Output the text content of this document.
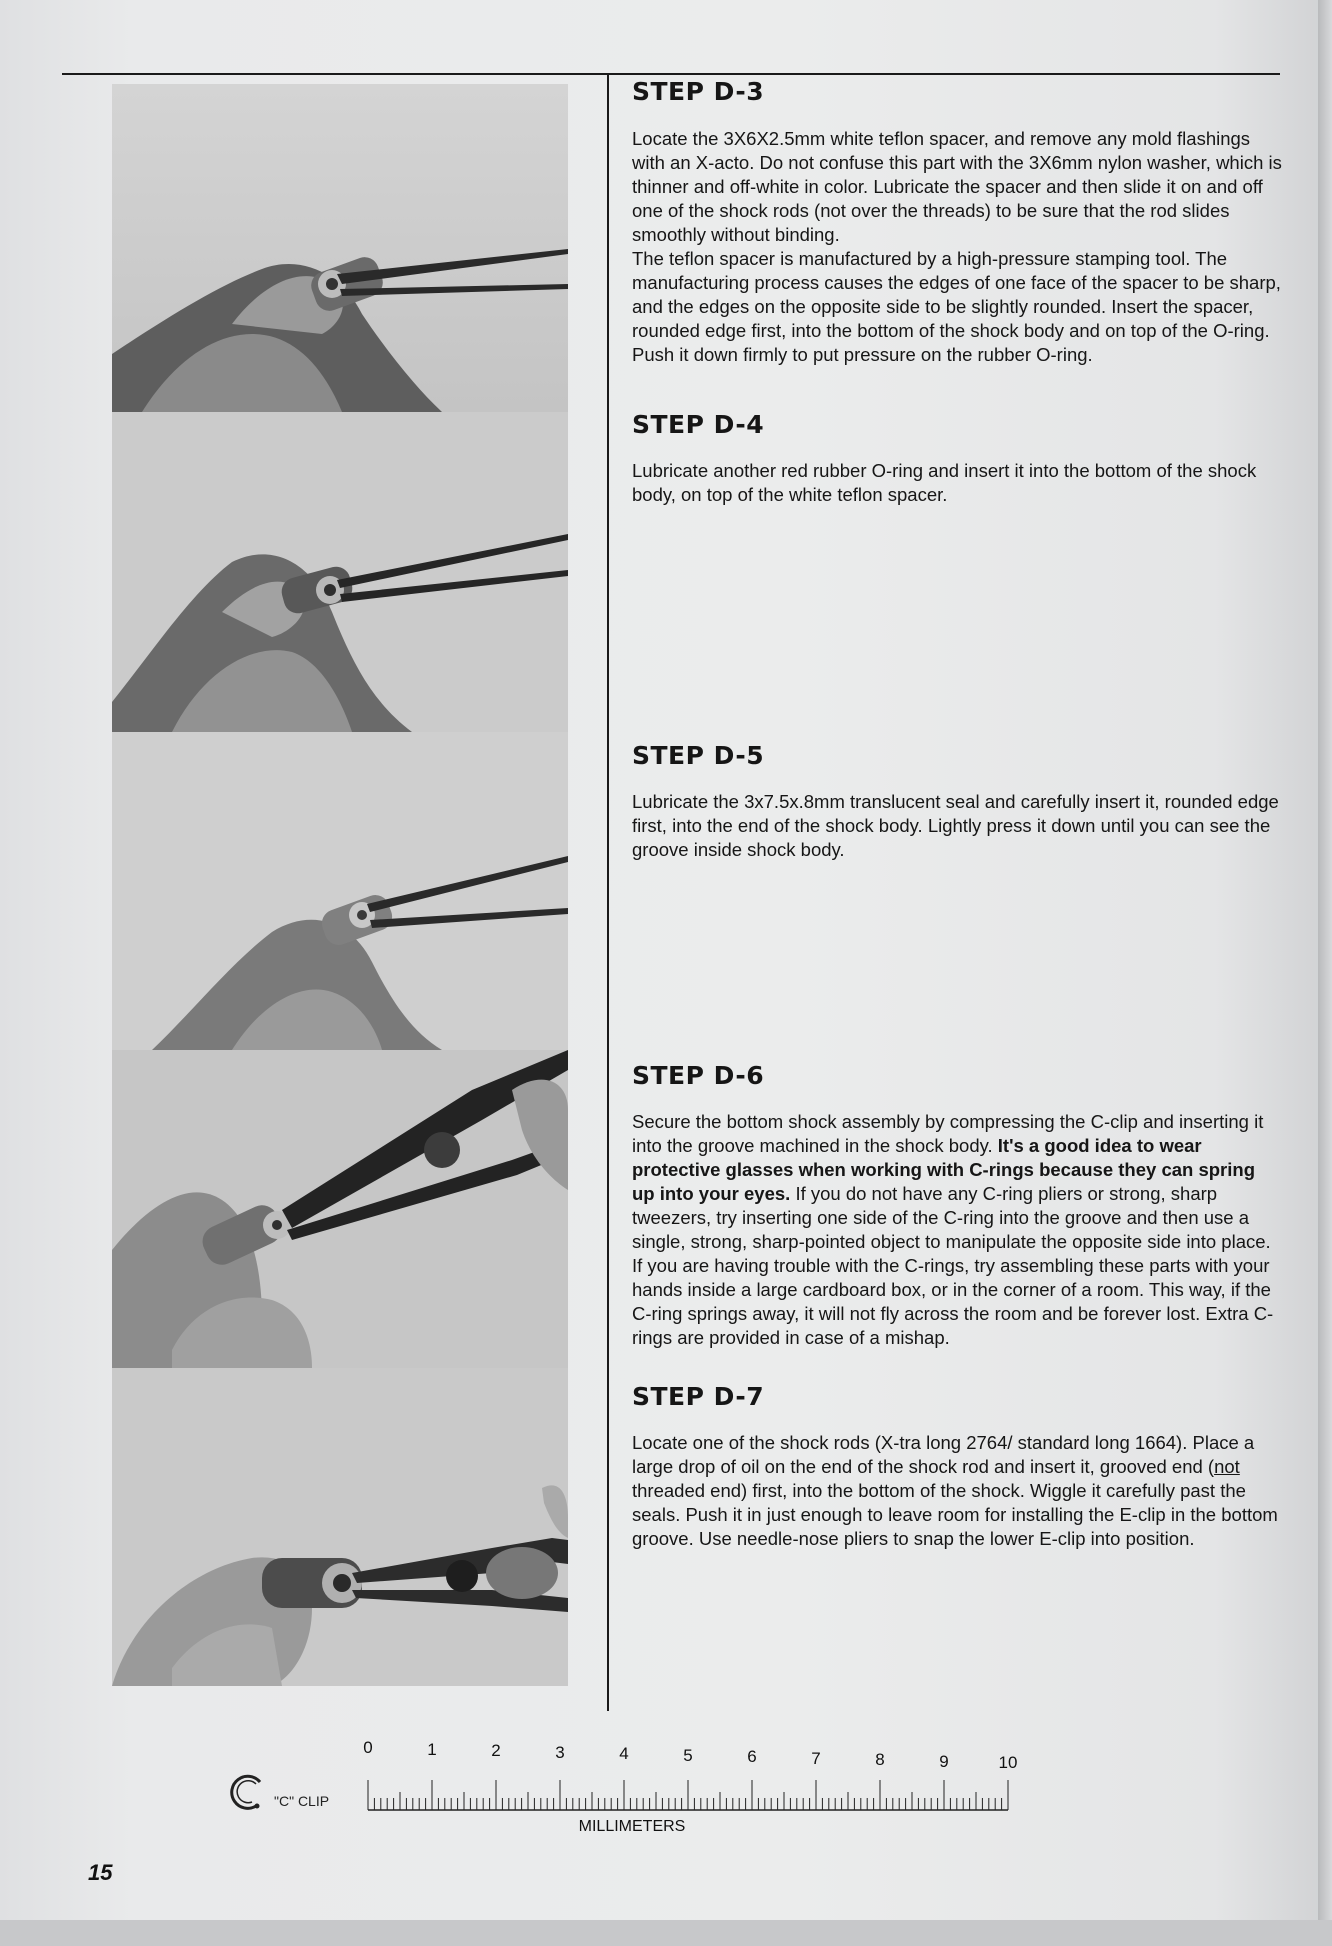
STEP D-3

Locate the 3X6X2.5mm white teflon spacer, and remove any mold flashings with an X-acto. Do not confuse this part with the 3X6mm nylon washer, which is thinner and off-white in color. Lubricate the spacer and then slide it on and off one of the shock rods (not over the threads) to be sure that the rod slides smoothly without binding.

The teflon spacer is manufactured by a high-pressure stamping tool. The manufacturing process causes the edges of one face of the spacer to be sharp, and the edges on the opposite side to be slightly rounded. Insert the spacer, rounded edge first, into the bottom of the shock body and on top of the O-ring. Push it down firmly to put pressure on the rubber O-ring.

STEP D-4

Lubricate another red rubber O-ring and insert it into the bottom of the shock body, on top of the white teflon spacer.

STEP D-5

Lubricate the 3x7.5x.8mm translucent seal and carefully insert it, rounded edge first, into the end of the shock body. Lightly press it down until you can see the groove inside shock body.

STEP D-6

Secure the bottom shock assembly by compressing the C-clip and inserting it into the groove machined in the shock body. It's a good idea to wear protective glasses when working with C-rings because they can spring up into your eyes. If you do not have any C-ring pliers or strong, sharp tweezers, try inserting one side of the C-ring into the groove and then use a single, strong, sharp-pointed object to manipulate the opposite side into place. If you are having trouble with the C-rings, try assembling these parts with your hands inside a large cardboard box, or in the corner of a room. This way, if the C-ring springs away, it will not fly across the room and be forever lost. Extra C-rings are provided in case of a mishap.

STEP D-7

Locate one of the shock rods (X-tra long 2764/ standard long 1664). Place a large drop of oil on the end of the shock rod and insert it, grooved end (not threaded end) first, into the bottom of the shock. Wiggle it carefully past the seals. Push it in just enough to leave room for installing the E-clip in the bottom groove. Use needle-nose pliers to snap the lower E-clip into position.

"C" CLIP
0	1	2	3	4	5	6	7	8	9	10
MILLIMETERS
15
